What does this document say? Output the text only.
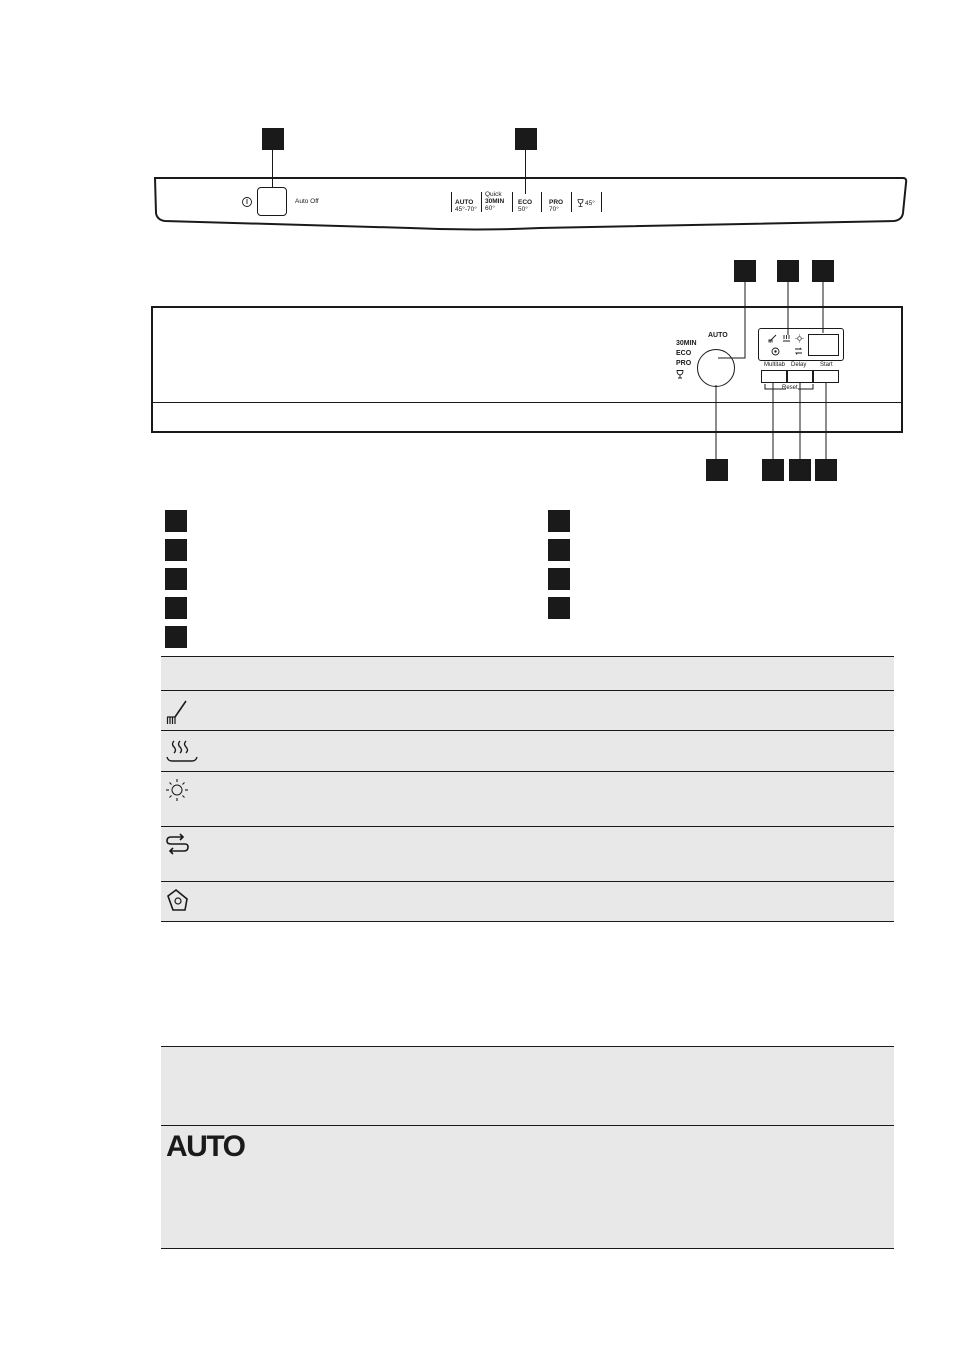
Auto Off	AUTO
45°-70°
Quick
30MIN
60°
ECO
50°
PRO
70°
45°
AUTO
30MIN
ECO
PRO	Multitab Delay Start
Reset
AUTO
